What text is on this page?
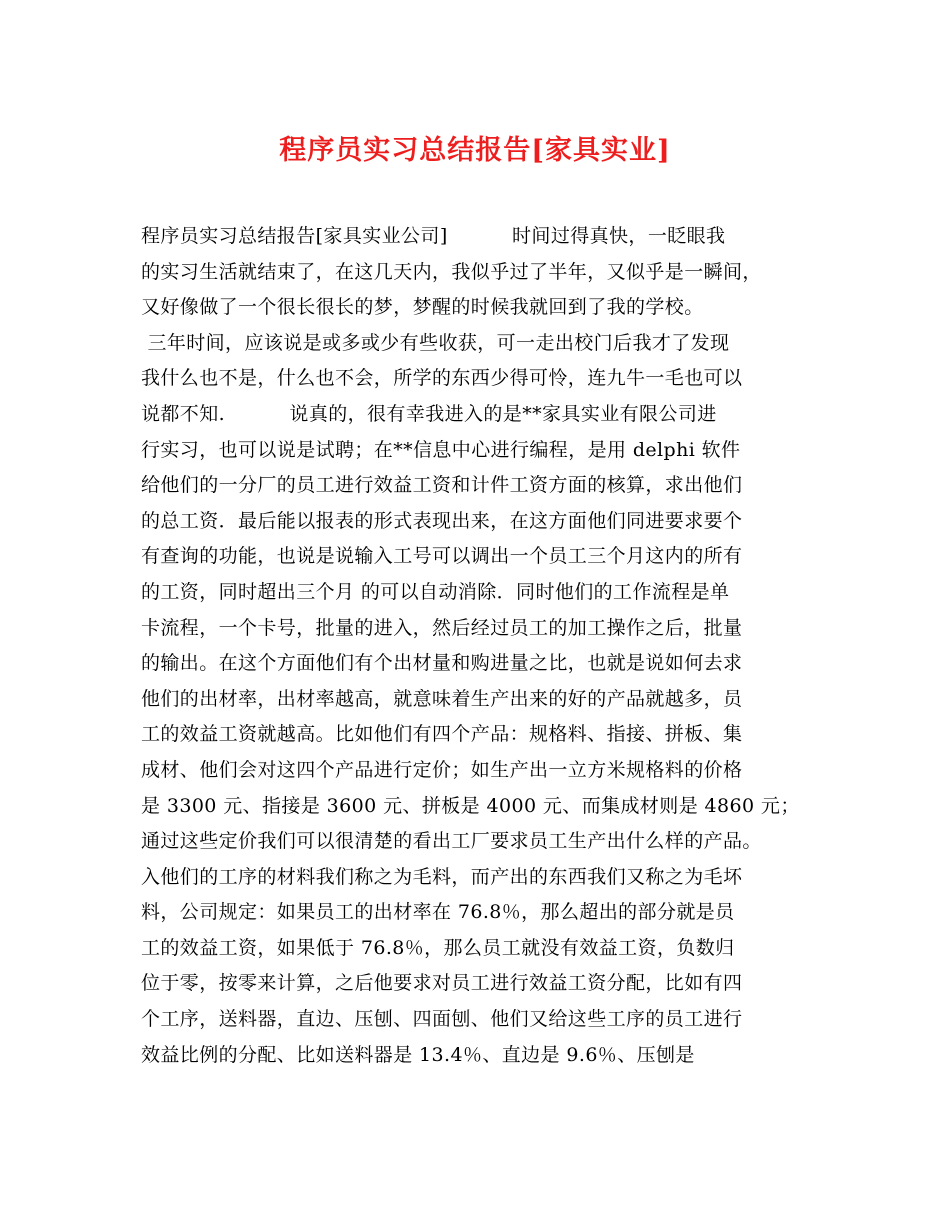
程序员实习总结报告[家具实业]
程序员实习总结报告[家具实业公司]          时间过得真快，一眨眼我
的实习生活就结束了，在这几天内，我似乎过了半年，又似乎是一瞬间，
又好像做了一个很长很长的梦，梦醒的时候我就回到了我的学校。
三年时间，应该说是或多或少有些收获，可一走出校门后我才了发现
我什么也不是，什么也不会，所学的东西少得可怜，连九牛一毛也可以
说都不知.          说真的，很有幸我进入的是**家具实业有限公司进
行实习，也可以说是试聘；在**信息中心进行编程，是用 delphi 软件
给他们的一分厂的员工进行效益工资和计件工资方面的核算，求出他们
的总工资．最后能以报表的形式表现出来，在这方面他们同进要求要个
有查询的功能，也说是说输入工号可以调出一个员工三个月这内的所有
的工资，同时超出三个月 的可以自动消除．同时他们的工作流程是单
卡流程，一个卡号，批量的进入，然后经过员工的加工操作之后，批量
的输出。在这个方面他们有个出材量和购进量之比，也就是说如何去求
他们的出材率，出材率越高，就意味着生产出来的好的产品就越多，员
工的效益工资就越高。比如他们有四个产品：规格料、指接、拼板、集
成材、他们会对这四个产品进行定价；如生产出一立方米规格料的价格
是 3300 元、指接是 3600 元、拼板是 4000 元、而集成材则是 4860 元；
通过这些定价我们可以很清楚的看出工厂要求员工生产出什么样的产品。
入他们的工序的材料我们称之为毛料，而产出的东西我们又称之为毛坏
料，公司规定：如果员工的出材率在 76.8％，那么超出的部分就是员
工的效益工资，如果低于 76.8％，那么员工就没有效益工资，负数归
位于零，按零来计算，之后他要求对员工进行效益工资分配，比如有四
个工序，送料器，直边、压刨、四面刨、他们又给这些工序的员工进行
效益比例的分配、比如送料器是 13.4％、直边是 9.6％、压刨是
